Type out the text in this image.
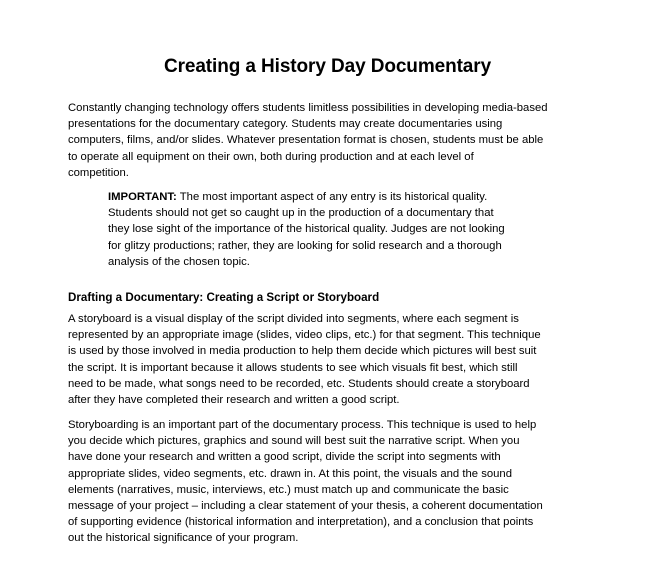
Creating a History Day Documentary
Constantly changing technology offers students limitless possibilities in developing media-based
presentations for the documentary category. Students may create documentaries using
computers, films, and/or slides. Whatever presentation format is chosen, students must be able
to operate all equipment on their own, both during production and at each level of
competition.
IMPORTANT: The most important aspect of any entry is its historical quality.
Students should not get so caught up in the production of a documentary that
they lose sight of the importance of the historical quality. Judges are not looking
for glitzy productions; rather, they are looking for solid research and a thorough
analysis of the chosen topic.
Drafting a Documentary: Creating a Script or Storyboard
A storyboard is a visual display of the script divided into segments, where each segment is
represented by an appropriate image (slides, video clips, etc.) for that segment. This technique
is used by those involved in media production to help them decide which pictures will best suit
the script. It is important because it allows students to see which visuals fit best, which still
need to be made, what songs need to be recorded, etc. Students should create a storyboard
after they have completed their research and written a good script.
Storyboarding is an important part of the documentary process. This technique is used to help
you decide which pictures, graphics and sound will best suit the narrative script. When you
have done your research and written a good script, divide the script into segments with
appropriate slides, video segments, etc. drawn in. At this point, the visuals and the sound
elements (narratives, music, interviews, etc.) must match up and communicate the basic
message of your project – including a clear statement of your thesis, a coherent documentation
of supporting evidence (historical information and interpretation), and a conclusion that points
out the historical significance of your program.
